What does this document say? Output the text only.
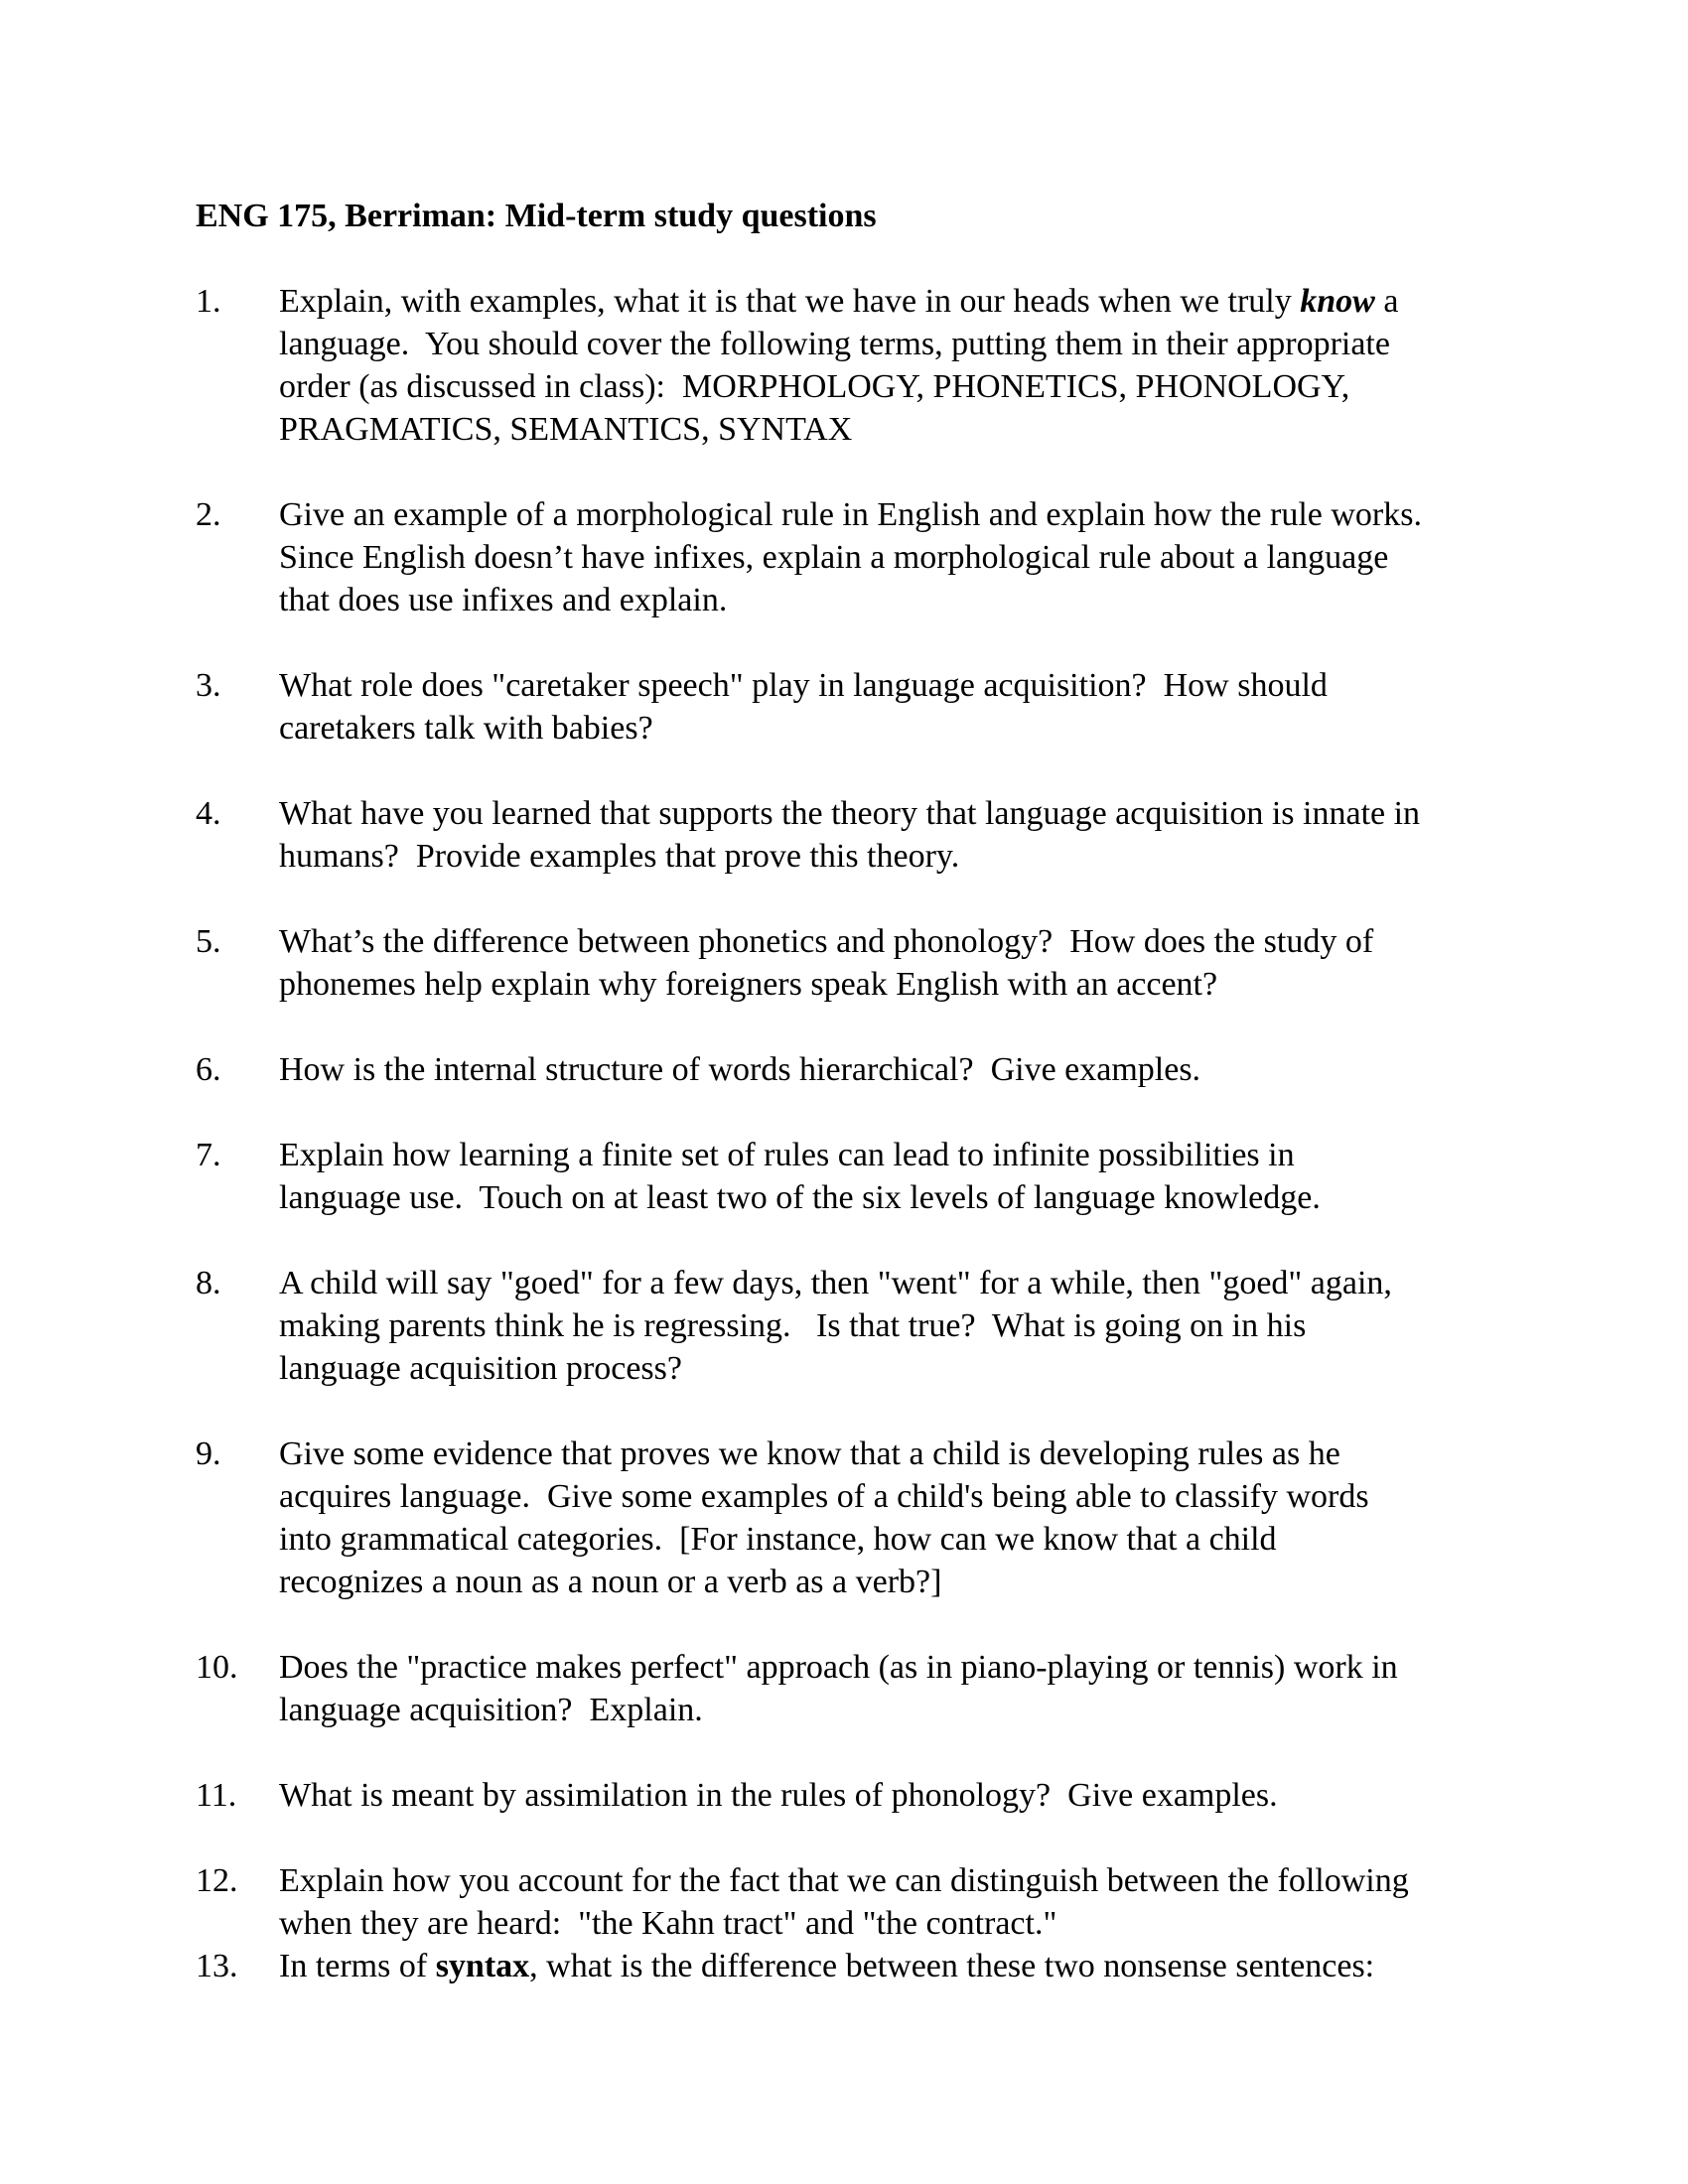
ENG 175, Berriman: Mid-term study questions
1.	Explain, with examples, what it is that we have in our heads when we truly know a
language.  You should cover the following terms, putting them in their appropriate
order (as discussed in class):  MORPHOLOGY, PHONETICS, PHONOLOGY,
PRAGMATICS, SEMANTICS, SYNTAX
2.	Give an example of a morphological rule in English and explain how the rule works.
Since English doesn’t have infixes, explain a morphological rule about a language
that does use infixes and explain.
3.	What role does "caretaker speech" play in language acquisition?  How should
caretakers talk with babies?
4.	What have you learned that supports the theory that language acquisition is innate in
humans?  Provide examples that prove this theory.
5.	What’s the difference between phonetics and phonology?  How does the study of
phonemes help explain why foreigners speak English with an accent?
6.	How is the internal structure of words hierarchical?  Give examples.
7.	Explain how learning a finite set of rules can lead to infinite possibilities in
language use.  Touch on at least two of the six levels of language knowledge.
8.	A child will say "goed" for a few days, then "went" for a while, then "goed" again,
making parents think he is regressing.   Is that true?  What is going on in his
language acquisition process?
9.	Give some evidence that proves we know that a child is developing rules as he
acquires language.  Give some examples of a child's being able to classify words
into grammatical categories.  [For instance, how can we know that a child
recognizes a noun as a noun or a verb as a verb?]
10.	Does the "practice makes perfect" approach (as in piano-playing or tennis) work in
language acquisition?  Explain.
11.	What is meant by assimilation in the rules of phonology?  Give examples.
12.	Explain how you account for the fact that we can distinguish between the following
when they are heard:  "the Kahn tract" and "the contract."
13.	In terms of syntax, what is the difference between these two nonsense sentences:
